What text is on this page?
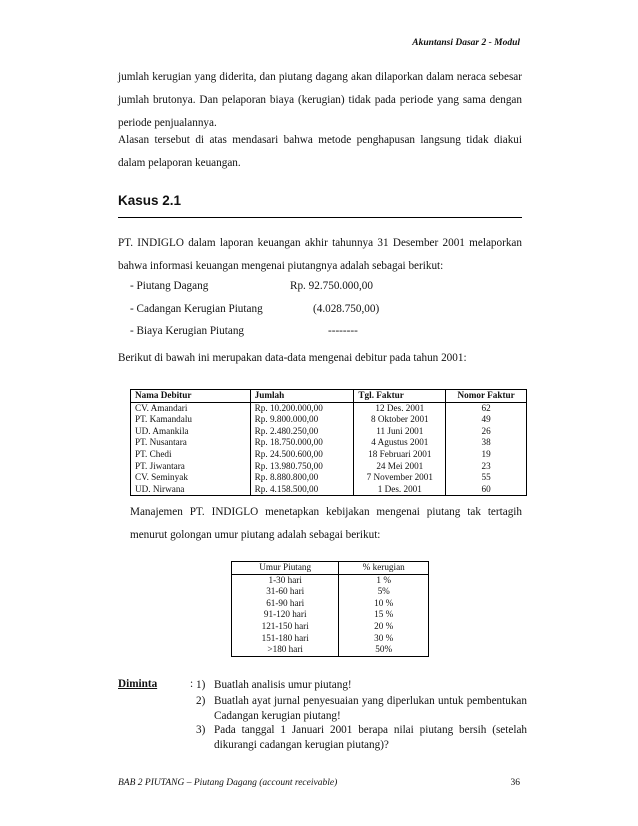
Akuntansi Dasar 2 - Modul
jumlah kerugian yang diderita, dan piutang dagang akan dilaporkan dalam neraca sebesar jumlah brutonya. Dan pelaporan biaya (kerugian) tidak pada periode yang sama dengan periode penjualannya.
Alasan tersebut di atas mendasari bahwa metode penghapusan langsung tidak diakui dalam pelaporan keuangan.
Kasus 2.1
PT. INDIGLO dalam laporan keuangan akhir tahunnya 31 Desember 2001 melaporkan bahwa informasi keuangan mengenai piutangnya adalah sebagai berikut:
- Piutang Dagang	Rp. 92.750.000,00
- Cadangan Kerugian Piutang	(4.028.750,00)
- Biaya Kerugian Piutang	--------
Berikut di bawah ini merupakan data-data mengenai debitur pada tahun 2001:
Nama Debitur	Jumlah	Tgl. Faktur	Nomor Faktur
CV. Amandari	Rp. 10.200.000,00	12 Des. 2001	62
PT. Kamandalu	Rp. 9.800.000,00	8 Oktober 2001	49
UD. Amankila	Rp. 2.480.250,00	11 Juni 2001	26
PT. Nusantara	Rp. 18.750.000,00	4 Agustus 2001	38
PT. Chedi	Rp. 24.500.600,00	18 Februari 2001	19
PT. Jiwantara	Rp. 13.980.750,00	24 Mei 2001	23
CV. Seminyak	Rp. 8.880.800,00	7 November 2001	55
UD. Nirwana	Rp. 4.158.500,00	1 Des. 2001	60
Manajemen PT. INDIGLO menetapkan kebijakan mengenai piutang tak tertagih menurut golongan umur piutang adalah sebagai berikut:
Umur Piutang	% kerugian
1-30 hari	1 %
31-60 hari	5%
61-90 hari	10 %
91-120 hari	15 %
121-150 hari	20 %
151-180 hari	30 %
>180 hari	50%
Diminta	: 1) Buatlah analisis umur piutang!
2) Buatlah ayat jurnal penyesuaian yang diperlukan untuk pembentukan Cadangan kerugian piutang!
3) Pada tanggal 1 Januari 2001 berapa nilai piutang bersih (setelah dikurangi cadangan kerugian piutang)?
BAB 2 PIUTANG – Piutang Dagang (account receivable)	36
